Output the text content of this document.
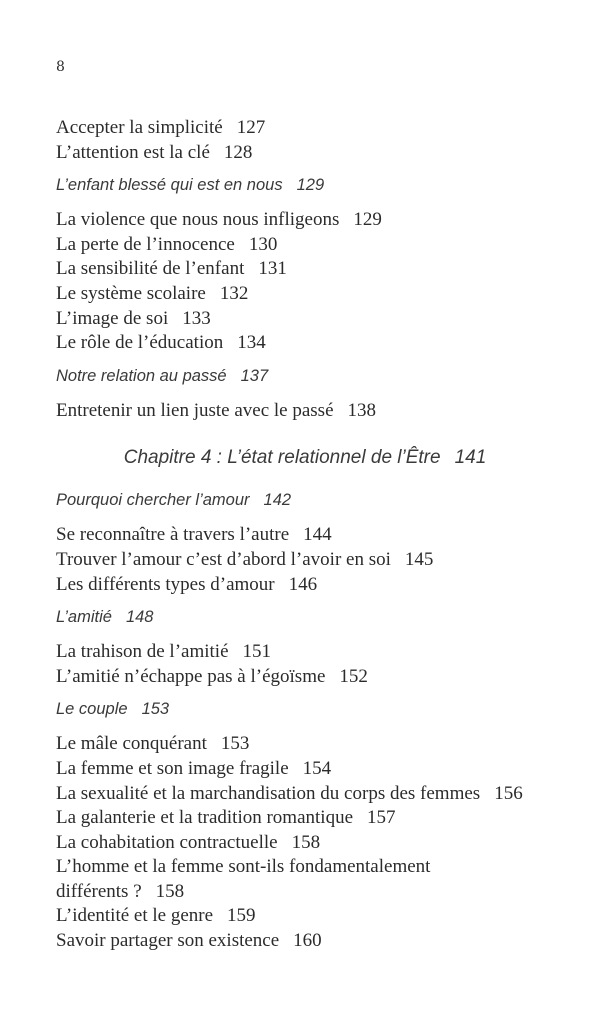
8
Accepter la simplicité 127
L’attention est la clé 128
L’enfant blessé qui est en nous 129
La violence que nous nous infligeons 129
La perte de l’innocence 130
La sensibilité de l’enfant 131
Le système scolaire 132
L’image de soi 133
Le rôle de l’éducation 134
Notre relation au passé 137
Entretenir un lien juste avec le passé 138
Chapitre 4 : L’état relationnel de l’Être 141
Pourquoi chercher l’amour 142
Se reconnaître à travers l’autre 144
Trouver l’amour c’est d’abord l’avoir en soi 145
Les différents types d’amour 146
L’amitié 148
La trahison de l’amitié 151
L’amitié n’échappe pas à l’égoïsme 152
Le couple 153
Le mâle conquérant 153
La femme et son image fragile 154
La sexualité et la marchandisation du corps des femmes 156
La galanterie et la tradition romantique 157
La cohabitation contractuelle 158
L’homme et la femme sont-ils fondamentalement différents ? 158
L’identité et le genre 159
Savoir partager son existence 160
